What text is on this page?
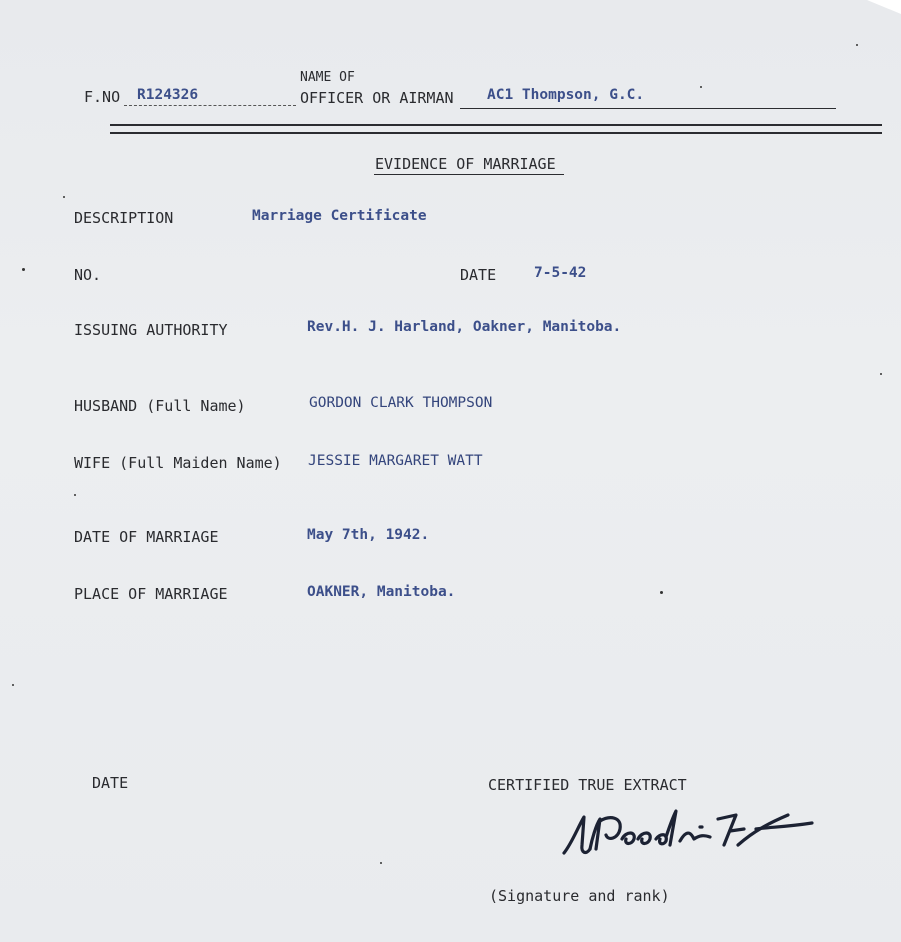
F.NO R124326
NAME OF
OFFICER OR AIRMAN AC1 Thompson, G.C.
EVIDENCE OF MARRIAGE
DESCRIPTION	Marriage Certificate
NO.	DATE	7-5-42
ISSUING AUTHORITY	Rev.H. J. Harland, Oakner, Manitoba.
HUSBAND (Full Name)	GORDON CLARK THOMPSON
WIFE (Full Maiden Name) JESSIE MARGARET WATT
DATE OF MARRIAGE	May 7th, 1942.
PLACE OF MARRIAGE	OAKNER, Manitoba.
DATE	CERTIFIED TRUE EXTRACT
(Signature and rank)
